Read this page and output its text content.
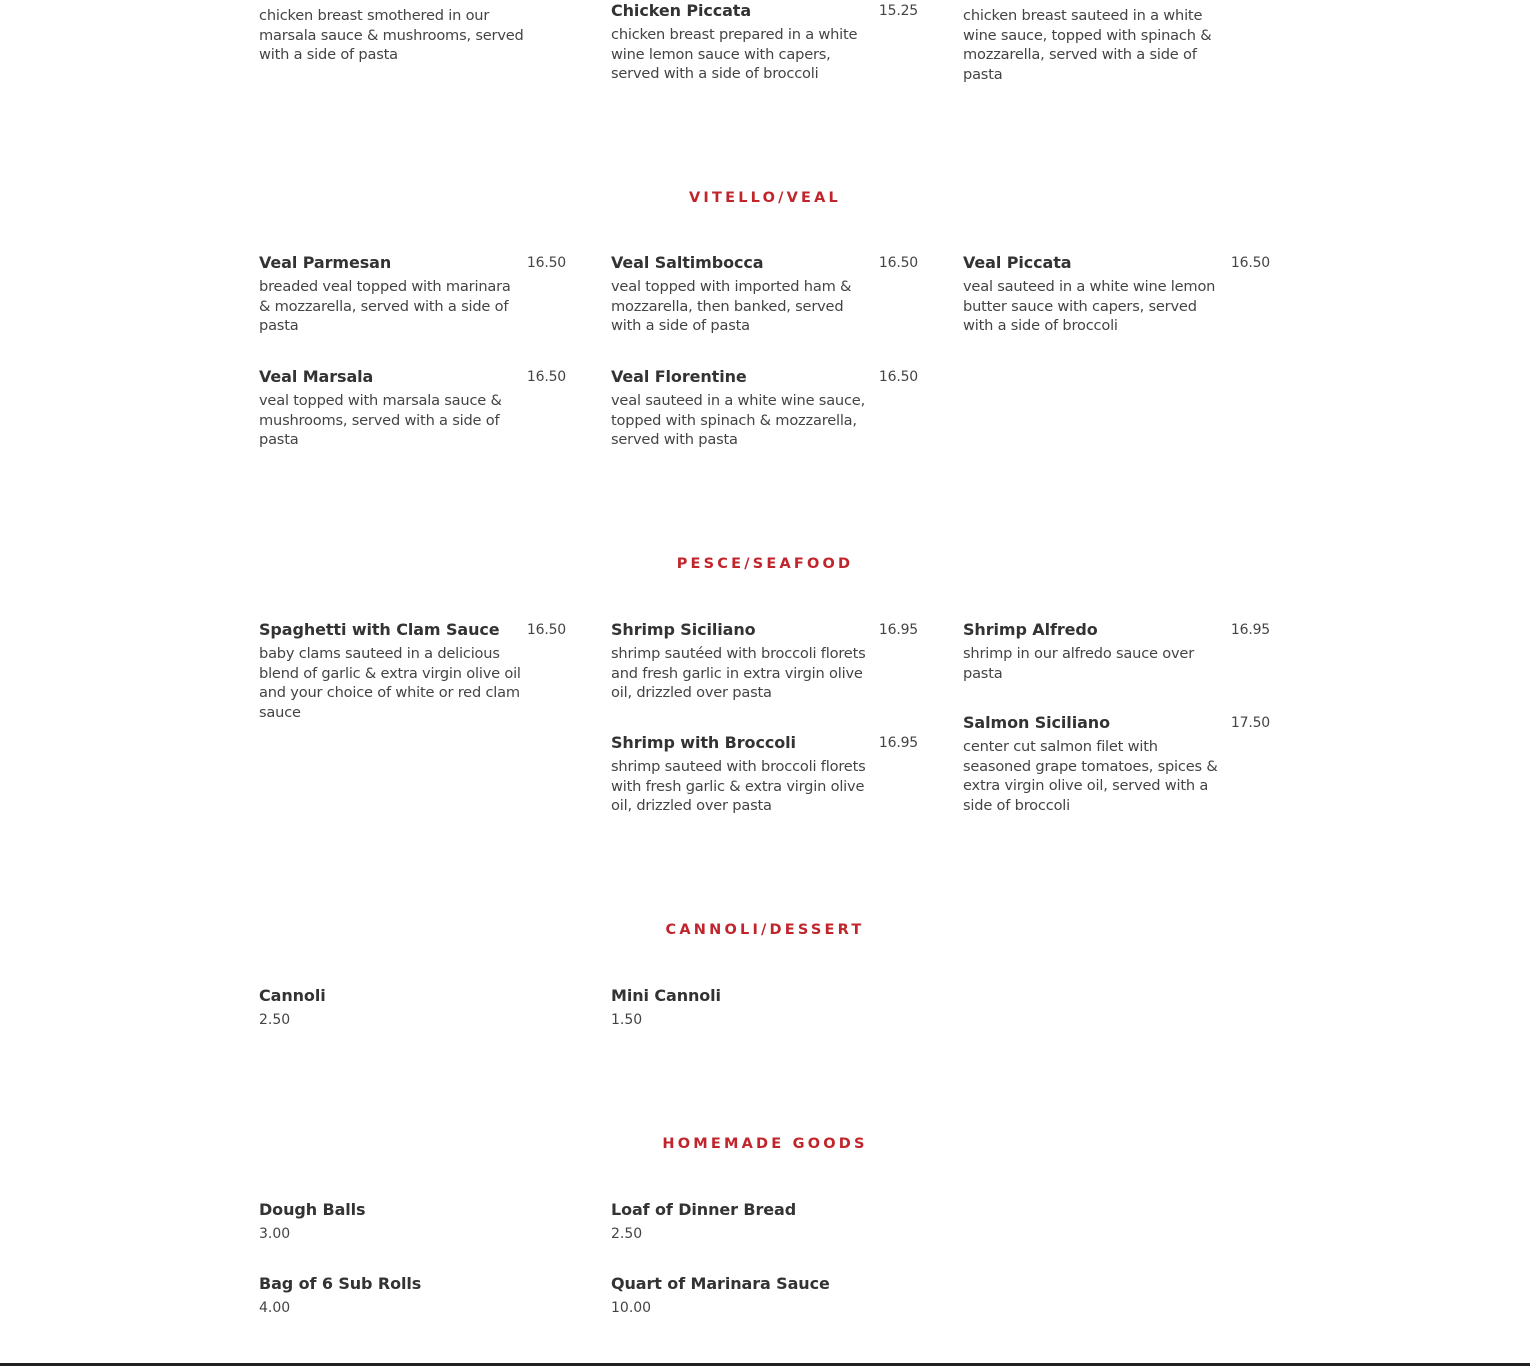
chicken breast smothered in our marsala sauce & mushrooms, served with a side of pasta
Chicken Piccata	15.25
chicken breast prepared in a white wine lemon sauce with capers, served with a side of broccoli
chicken breast sauteed in a white wine sauce, topped with spinach & mozzarella, served with a side of pasta
VITELLO/VEAL
Veal Parmesan	16.50
breaded veal topped with marinara & mozzarella, served with a side of pasta
Veal Saltimbocca	16.50
veal topped with imported ham & mozzarella, then banked, served with a side of pasta
Veal Piccata	16.50
veal sauteed in a white wine lemon butter sauce with capers, served with a side of broccoli
Veal Marsala	16.50
veal topped with marsala sauce & mushrooms, served with a side of pasta
Veal Florentine	16.50
veal sauteed in a white wine sauce, topped with spinach & mozzarella, served with pasta
PESCE/SEAFOOD
Spaghetti with Clam Sauce	16.50
baby clams sauteed in a delicious blend of garlic & extra virgin olive oil and your choice of white or red clam sauce
Shrimp Siciliano	16.95
shrimp sautéed with broccoli florets and fresh garlic in extra virgin olive oil, drizzled over pasta
Shrimp Alfredo	16.95
shrimp in our alfredo sauce over pasta
Shrimp with Broccoli	16.95
shrimp sauteed with broccoli florets with fresh garlic & extra virgin olive oil, drizzled over pasta
Salmon Siciliano	17.50
center cut salmon filet with seasoned grape tomatoes, spices & extra virgin olive oil, served with a side of broccoli
CANNOLI/DESSERT
Cannoli
2.50
Mini Cannoli
1.50
HOMEMADE GOODS
Dough Balls
3.00
Loaf of Dinner Bread
2.50
Bag of 6 Sub Rolls
4.00
Quart of Marinara Sauce
10.00
